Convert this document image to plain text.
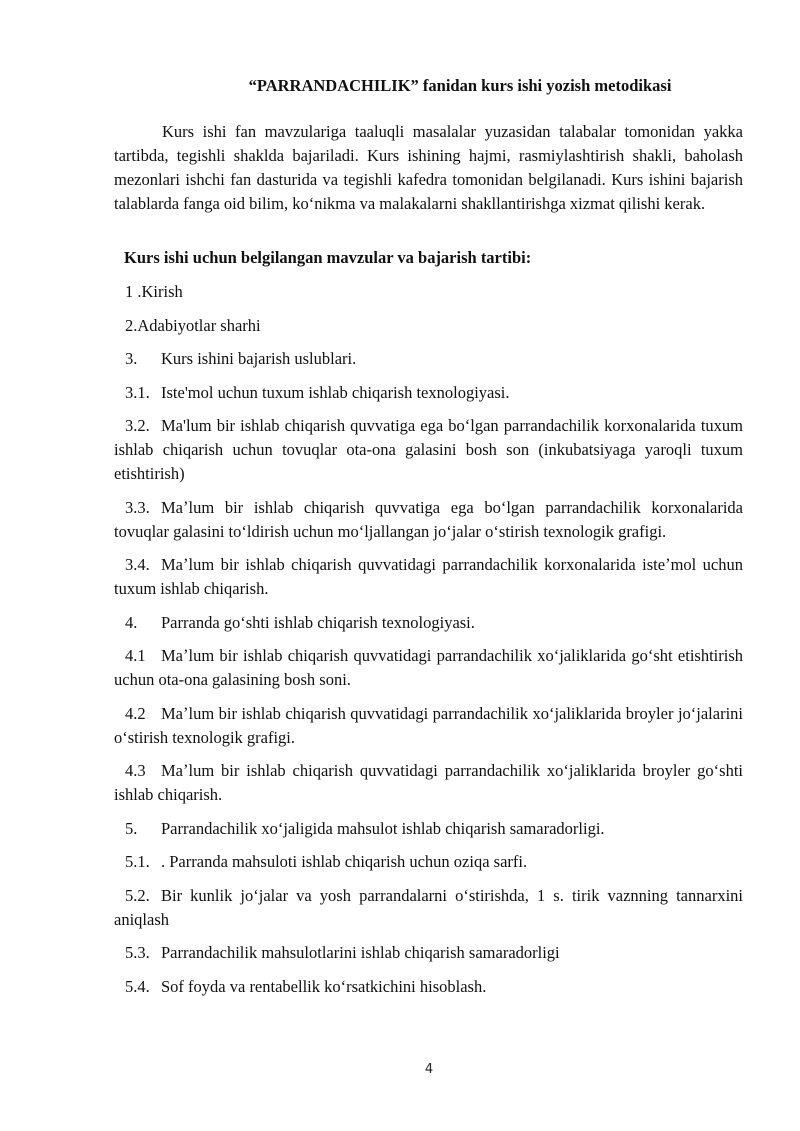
“PARRANDACHILIK” fanidan kurs ishi yozish metodikasi

Kurs ishi fan mavzulariga taaluqli masalalar yuzasidan talabalar tomonidan yakka tartibda, tegishli shaklda bajariladi. Kurs ishining hajmi, rasmiylashtirish shakli, baholash mezonlari ishchi fan dasturida va tegishli kafedra tomonidan belgilanadi. Kurs ishini bajarish talablarda fanga oid bilim, koʻnikma va malakalarni shakllantirishga xizmat qilishi kerak.

Kurs ishi uchun belgilangan mavzular va bajarish tartibi:
1 .Kirish
2.Adabiyotlar sharhi
3. Kurs ishini bajarish uslublari.
3.1. Iste'mol uchun tuxum ishlab chiqarish texnologiyasi.
3.2. Ma'lum bir ishlab chiqarish quvvatiga ega boʻlgan parrandachilik korxonalarida tuxum ishlab chiqarish uchun tovuqlar ota-ona galasini bosh son (inkubatsiyaga yaroqli tuxum etishtirish)
3.3. Maʼlum bir ishlab chiqarish quvvatiga ega boʻlgan parrandachilik korxonalarida tovuqlar galasini toʻldirish uchun moʻljallangan joʻjalar oʻstirish texnologik grafigi.
3.4. Maʼlum bir ishlab chiqarish quvvatidagi parrandachilik korxonalarida isteʼmol uchun tuxum ishlab chiqarish.
4. Parranda goʻshti ishlab chiqarish texnologiyasi.
4.1 Maʼlum bir ishlab chiqarish quvvatidagi parrandachilik xoʻjaliklarida goʻsht etishtirish uchun ota-ona galasining bosh soni.
4.2 Maʼlum bir ishlab chiqarish quvvatidagi parrandachilik xoʻjaliklarida broyler joʻjalarini oʻstirish texnologik grafigi.
4.3 Maʼlum bir ishlab chiqarish quvvatidagi parrandachilik xoʻjaliklarida broyler goʻshti ishlab chiqarish.
5. Parrandachilik xoʻjaligida mahsulot ishlab chiqarish samaradorligi.
5.1. . Parranda mahsuloti ishlab chiqarish uchun oziqa sarfi.
5.2. Bir kunlik joʻjalar va yosh parrandalarni oʻstirishda, 1 s. tirik vaznning tannarxini aniqlash
5.3. Parrandachilik mahsulotlarini ishlab chiqarish samaradorligi
5.4. Sof foyda va rentabellik koʻrsatkichini hisoblash.
4
